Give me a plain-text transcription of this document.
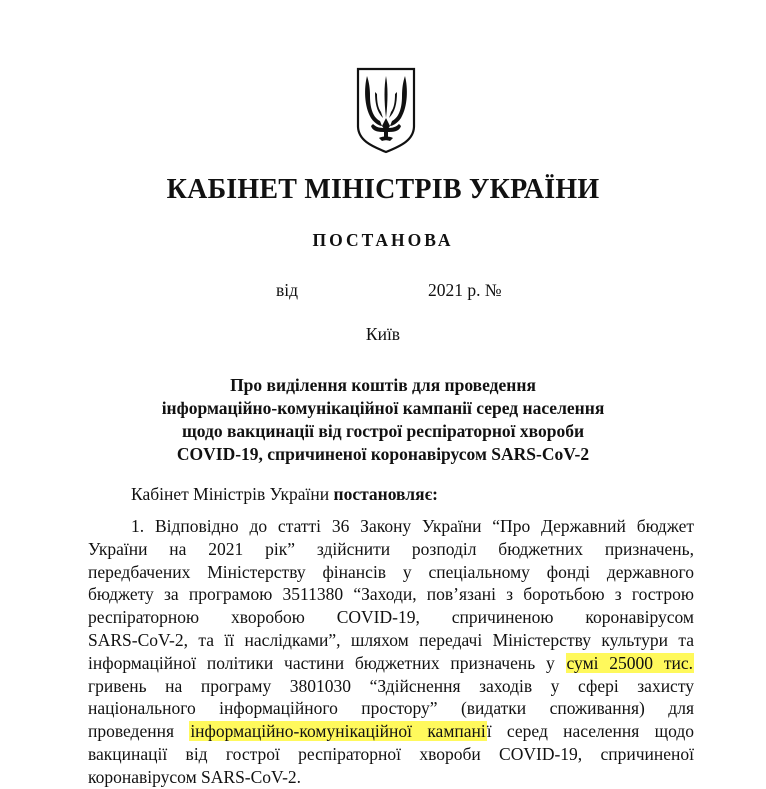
КАБІНЕТ МІНІСТРІВ УКРАЇНИ
ПОСТАНОВА
від	2021 р. №
Київ
Про виділення коштів для проведення
інформаційно-комунікаційної кампанії серед населення
щодо вакцинації від гострої респіраторної хвороби
COVID-19, спричиненої коронавірусом SARS-CoV-2
Кабінет Міністрів України постановляє:
1. Відповідно до статті 36 Закону України “Про Державний бюджет
України на 2021 рік” здійснити розподіл бюджетних призначень,
передбачених Міністерству фінансів у спеціальному фонді державного
бюджету за програмою 3511380 “Заходи, пов’язані з боротьбою з гострою
респіраторною хворобою COVID-19, спричиненою коронавірусом
SARS-CoV-2, та її наслідками”, шляхом передачі Міністерству культури та
інформаційної політики частини бюджетних призначень у сумі 25000 тис.
гривень на програму 3801030 “Здійснення заходів у сфері захисту
національного інформаційного простору” (видатки споживання) для
проведення інформаційно-комунікаційної кампанії серед населення щодо
вакцинації від гострої респіраторної хвороби COVID-19, спричиненої
коронавірусом SARS-CoV-2.
